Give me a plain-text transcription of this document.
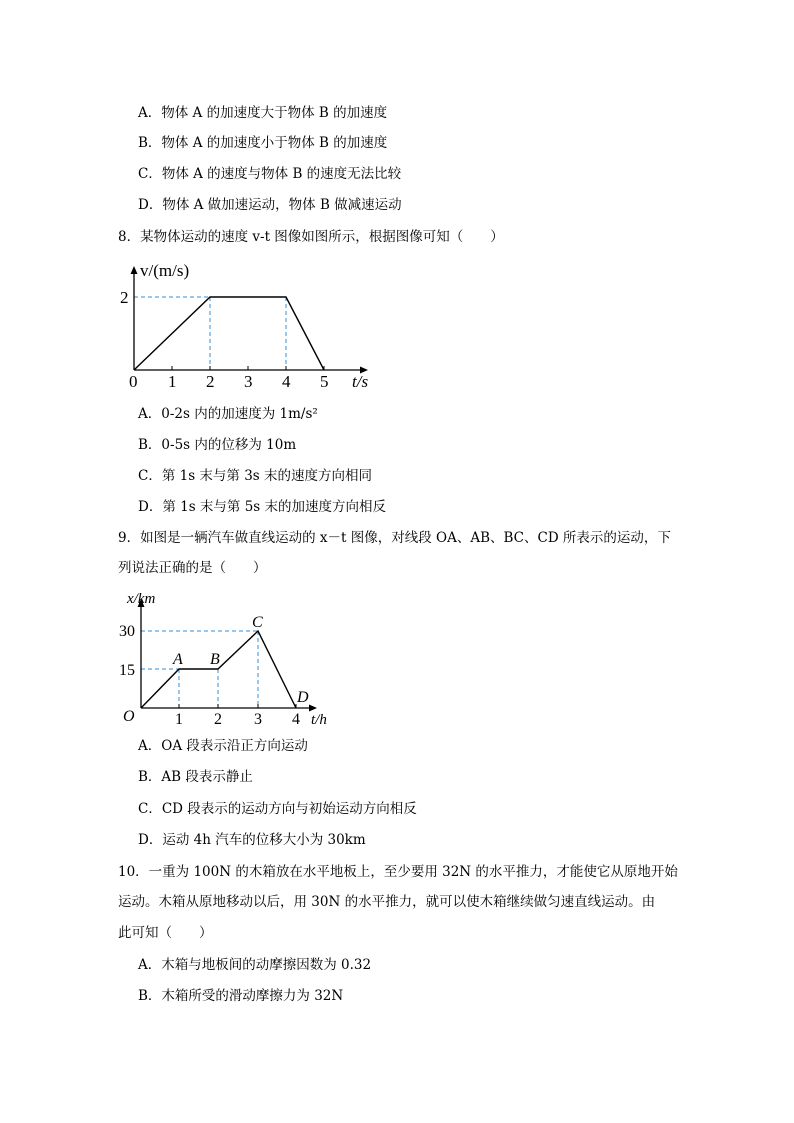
A．物体 A 的加速度大于物体 B 的加速度
B．物体 A 的加速度小于物体 B 的加速度
C．物体 A 的速度与物体 B 的速度无法比较
D．物体 A 做加速运动，物体 B 做减速运动
8．某物体运动的速度 v-t 图像如图所示，根据图像可知（　　）
v/(m/s)
2
0 1 2 3 4 5 t/s
A．0-2s 内的加速度为 1m/s²
B．0-5s 内的位移为 10m
C．第 1s 末与第 3s 末的速度方向相同
D．第 1s 末与第 5s 末的加速度方向相反
9．如图是一辆汽车做直线运动的 x－t 图像，对线段 OA、AB、BC、CD 所表示的运动，下
列说法正确的是（　　）
x/km
30
15
O	1 2 3 4 t/h
A B
C
D
A．OA 段表示沿正方向运动
B．AB 段表示静止
C．CD 段表示的运动方向与初始运动方向相反
D．运动 4h 汽车的位移大小为 30km
10．一重为 100N 的木箱放在水平地板上，至少要用 32N 的水平推力，才能使它从原地开始
运动。木箱从原地移动以后，用 30N 的水平推力，就可以使木箱继续做匀速直线运动。由
此可知（　　）
A．木箱与地板间的动摩擦因数为 0.32
B．木箱所受的滑动摩擦力为 32N
